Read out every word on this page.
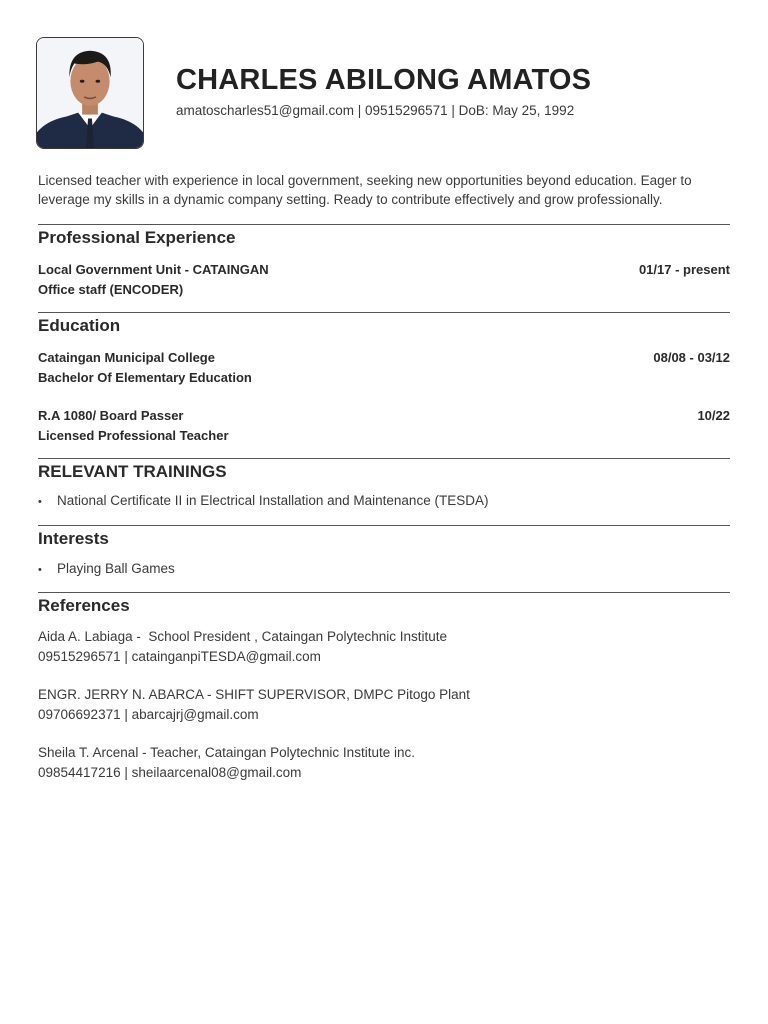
CHARLES ABILONG AMATOS
amatoscharles51@gmail.com | 09515296571 | DoB: May 25, 1992
Licensed teacher with experience in local government, seeking new opportunities beyond education. Eager to leverage my skills in a dynamic company setting. Ready to contribute effectively and grow professionally.
Professional Experience
Local Government Unit - CATAINGAN
Office staff (ENCODER)
01/17 - present
Education
Cataingan Municipal College
Bachelor Of Elementary Education
08/08 - 03/12
R.A 1080/ Board Passer
Licensed Professional Teacher
10/22
RELEVANT TRAININGS
• National Certificate II in Electrical Installation and Maintenance (TESDA)
Interests
• Playing Ball Games
References
Aida A. Labiaga -  School President , Cataingan Polytechnic Institute
09515296571 | catainganpiTESDA@gmail.com
ENGR. JERRY N. ABARCA - SHIFT SUPERVISOR, DMPC Pitogo Plant
09706692371 | abarcajrj@gmail.com
Sheila T. Arcenal - Teacher, Cataingan Polytechnic Institute inc.
09854417216 | sheilaarcenal08@gmail.com
